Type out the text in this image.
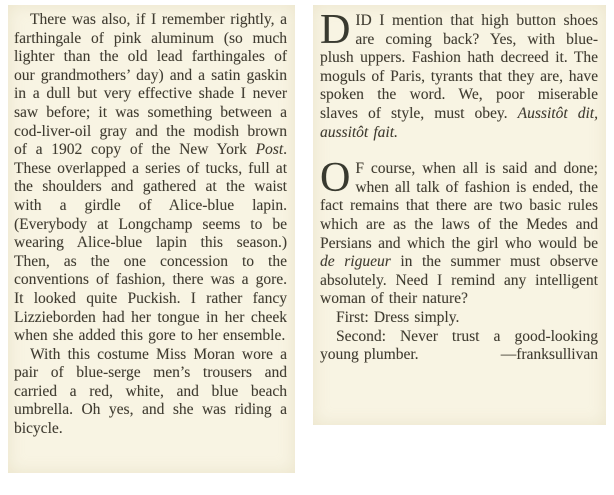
There was also, if I remember rightly, a farthingale of pink aluminum (so much lighter than the old lead farthingales of our grandmothers’ day) and a satin gaskin in a dull but very effective shade I never saw before; it was something between a cod-liver-oil gray and the modish brown of a 1902 copy of the New York Post. These overlapped a series of tucks, full at the shoulders and gathered at the waist with a girdle of Alice-blue lapin. (Everybody at Longchamp seems to be wearing Alice-blue lapin this season.) Then, as the one concession to the conventions of fashion, there was a gore. It looked quite Puckish. I rather fancy Lizzieborden had her tongue in her cheek when she added this gore to her ensemble.

With this costume Miss Moran wore a pair of blue-serge men’s trousers and carried a red, white, and blue beach umbrella. Oh yes, and she was riding a bicycle.

DID I mention that high button shoes are coming back? Yes, with blue-plush uppers. Fashion hath decreed it. The moguls of Paris, tyrants that they are, have spoken the word. We, poor miserable slaves of style, must obey. Aussitôt dit, aussitôt fait.

O F course, when all is said and done; when all talk of fashion is ended, the fact remains that there are two basic rules which are as the laws of the Medes and Persians and which the girl who would be de rigueur in the summer must observe absolutely. Need I remind any intelligent woman of their nature?

First: Dress simply.

Second: Never trust a good-looking young plumber.	—franksullivan
